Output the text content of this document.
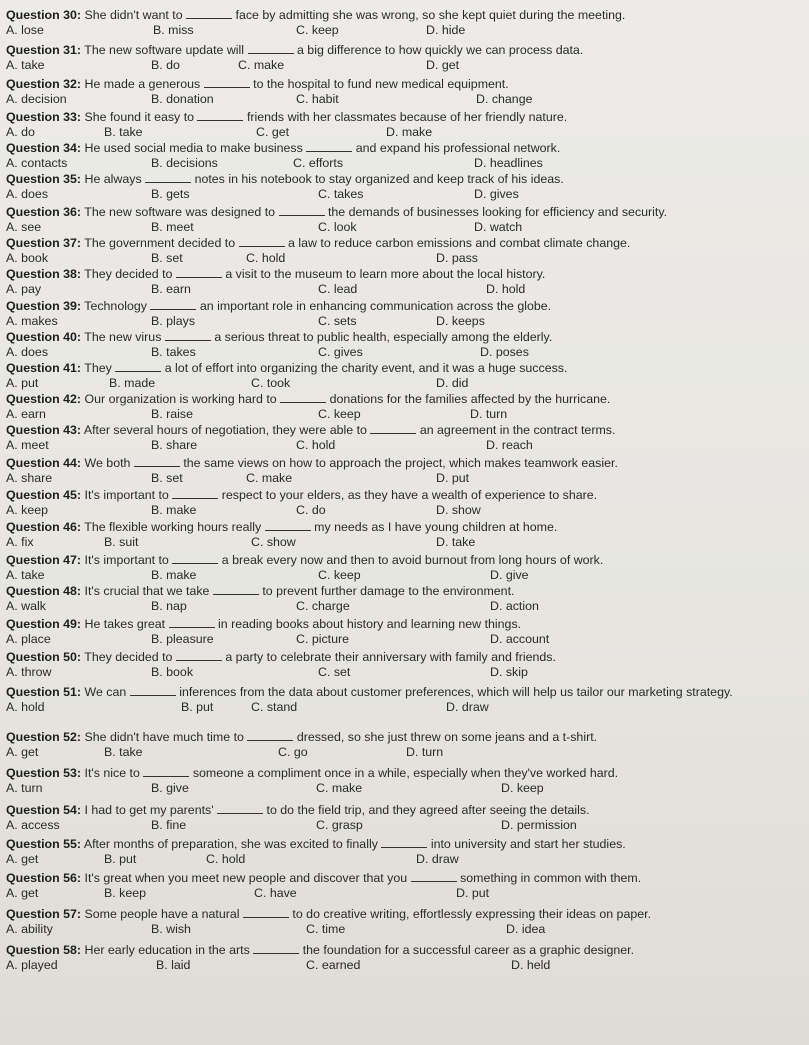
Question 30: She didn't want to	face by admitting she was wrong, so she kept quiet during the meeting.
A. lose	B. miss	C. keep	D. hide
Question 31: The new software update will	a big difference to how quickly we can process data.
A. take	B. do	C. make	D. get
Question 32: He made a generous	to the hospital to fund new medical equipment.
A. decision	B. donation	C. habit	D. change
Question 33: She found it easy to	friends with her classmates because of her friendly nature.
A. do	B. take	C. get	D. make
Question 34: He used social media to make business	and expand his professional network.
A. contacts	B. decisions	C. efforts	D. headlines
Question 35: He always	notes in his notebook to stay organized and keep track of his ideas.
A. does	B. gets	C. takes	D. gives
Question 36: The new software was designed to	the demands of businesses looking for efficiency and security.
A. see	B. meet	C. look	D. watch
Question 37: The government decided to	a law to reduce carbon emissions and combat climate change.
A. book	B. set	C. hold	D. pass
Question 38: They decided to	a visit to the museum to learn more about the local history.
A. pay	B. earn	C. lead	D. hold
Question 39: Technology	an important role in enhancing communication across the globe.
A. makes	B. plays	C. sets	D. keeps
Question 40: The new virus	a serious threat to public health, especially among the elderly.
A. does	B. takes	C. gives	D. poses
Question 41: They	a lot of effort into organizing the charity event, and it was a huge success.
A. put	B. made	C. took	D. did
Question 42: Our organization is working hard to	donations for the families affected by the hurricane.
A. earn	B. raise	C. keep	D. turn
Question 43: After several hours of negotiation, they were able to	an agreement in the contract terms.
A. meet	B. share	C. hold	D. reach
Question 44: We both	the same views on how to approach the project, which makes teamwork easier.
A. share	B. set	C. make	D. put
Question 45: It's important to	respect to your elders, as they have a wealth of experience to share.
A. keep	B. make	C. do	D. show
Question 46: The flexible working hours really	my needs as I have young children at home.
A. fix	B. suit	C. show	D. take
Question 47: It's important to	a break every now and then to avoid burnout from long hours of work.
A. take	B. make	C. keep	D. give
Question 48: It's crucial that we take	to prevent further damage to the environment.
A. walk	B. nap	C. charge	D. action
Question 49: He takes great	in reading books about history and learning new things.
A. place	B. pleasure	C. picture	D. account
Question 50: They decided to	a party to celebrate their anniversary with family and friends.
A. throw	B. book	C. set	D. skip
Question 51: We can	inferences from the data about customer preferences, which will help us tailor our marketing strategy.
A. hold	B. put	C. stand	D. draw
Question 52: She didn't have much time to	dressed, so she just threw on some jeans and a t-shirt.
A. get	B. take	C. go	D. turn
Question 53: It's nice to	someone a compliment once in a while, especially when they've worked hard.
A. turn	B. give	C. make	D. keep
Question 54: I had to get my parents'	to do the field trip, and they agreed after seeing the details.
A. access	B. fine	C. grasp	D. permission
Question 55: After months of preparation, she was excited to finally	into university and start her studies.
A. get	B. put	C. hold	D. draw
Question 56: It's great when you meet new people and discover that you	something in common with them.
A. get	B. keep	C. have	D. put
Question 57: Some people have a natural	to do creative writing, effortlessly expressing their ideas on paper.
A. ability	B. wish	C. time	D. idea
Question 58: Her early education in the arts	the foundation for a successful career as a graphic designer.
A. played	B. laid	C. earned	D. held
